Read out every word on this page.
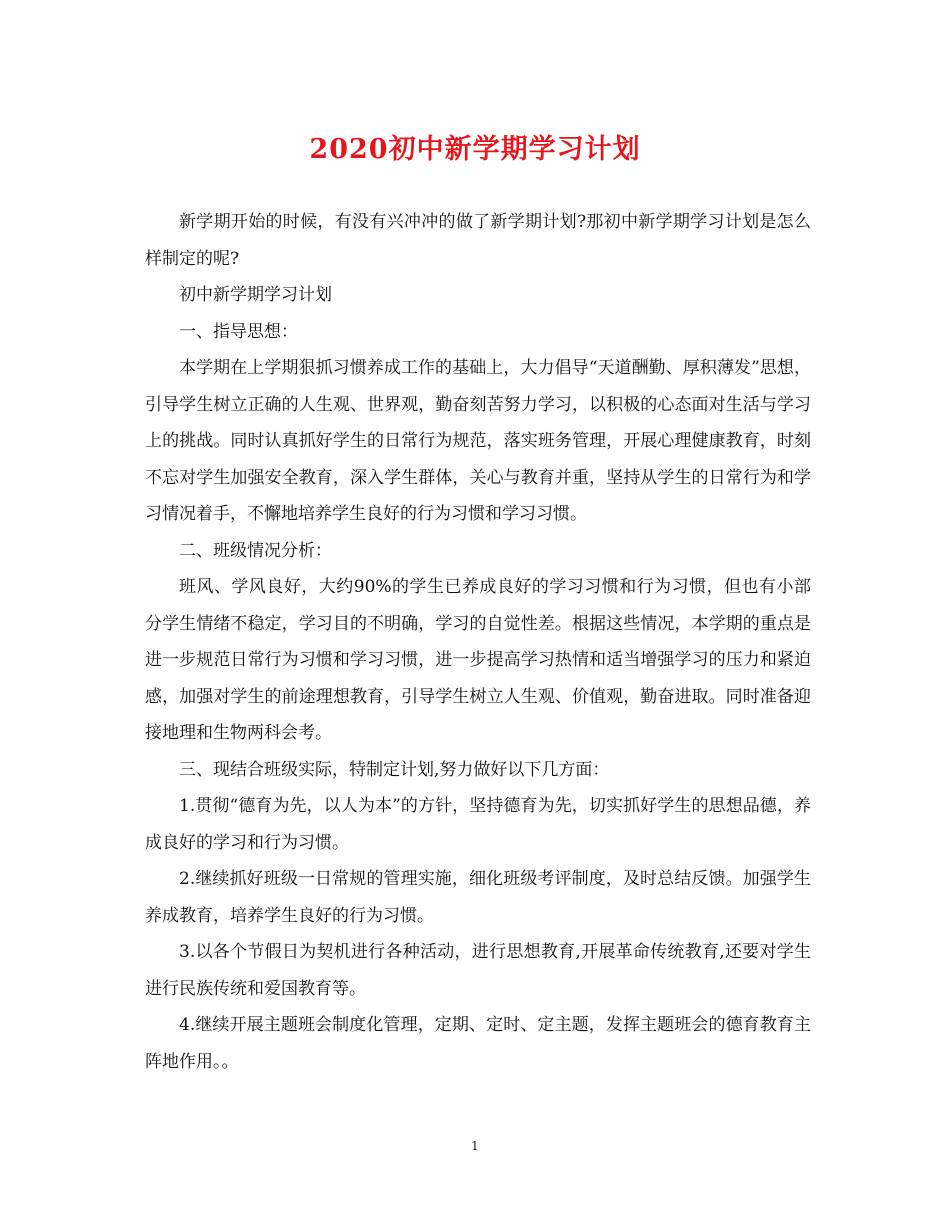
2020初中新学期学习计划

新学期开始的时候，有没有兴冲冲的做了新学期计划?那初中新学期学习计划是怎么样制定的呢?

初中新学期学习计划

一、指导思想：

本学期在上学期狠抓习惯养成工作的基础上，大力倡导“天道酬勤、厚积薄发”思想，引导学生树立正确的人生观、世界观，勤奋刻苦努力学习，以积极的心态面对生活与学习上的挑战。同时认真抓好学生的日常行为规范，落实班务管理，开展心理健康教育，时刻不忘对学生加强安全教育，深入学生群体，关心与教育并重，坚持从学生的日常行为和学习情况着手，不懈地培养学生良好的行为习惯和学习习惯。

二、班级情况分析：

班风、学风良好，大约90%的学生已养成良好的学习习惯和行为习惯，但也有小部分学生情绪不稳定，学习目的不明确，学习的自觉性差。根据这些情况，本学期的重点是进一步规范日常行为习惯和学习习惯，进一步提高学习热情和适当增强学习的压力和紧迫感，加强对学生的前途理想教育，引导学生树立人生观、价值观，勤奋进取。同时准备迎接地理和生物两科会考。

三、现结合班级实际，特制定计划,努力做好以下几方面：

1.贯彻“德育为先，以人为本”的方针，坚持德育为先，切实抓好学生的思想品德，养成良好的学习和行为习惯。

2.继续抓好班级一日常规的管理实施，细化班级考评制度，及时总结反馈。加强学生养成教育，培养学生良好的行为习惯。

3.以各个节假日为契机进行各种活动，进行思想教育,开展革命传统教育,还要对学生进行民族传统和爱国教育等。

4.继续开展主题班会制度化管理，定期、定时、定主题，发挥主题班会的德育教育主阵地作用。。

1
